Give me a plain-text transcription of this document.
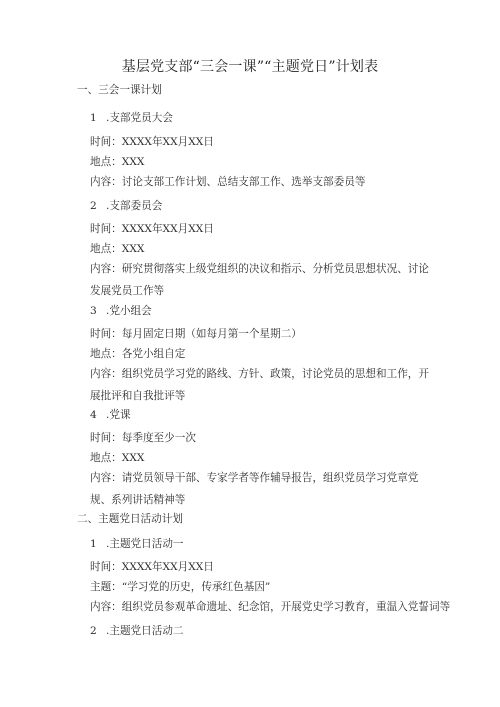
基层党支部“三会一课”“主题党日”计划表
一、三会一课计划
1 .支部党员大会
时间：XXXX年XX月XX日
地点：XXX
内容：讨论支部工作计划、总结支部工作、选举支部委员等
2 .支部委员会
时间：XXXX年XX月XX日
地点：XXX
内容：研究贯彻落实上级党组织的决议和指示、分析党员思想状况、讨论发展党员工作等
3 .党小组会
时间：每月固定日期（如每月第一个星期二）
地点：各党小组自定
内容：组织党员学习党的路线、方针、政策，讨论党员的思想和工作，开展批评和自我批评等
4 .党课
时间：每季度至少一次
地点：XXX
内容：请党员领导干部、专家学者等作辅导报告，组织党员学习党章党规、系列讲话精神等
二、主题党日活动计划
1 .主题党日活动一
时间：XXXX年XX月XX日
主题：“学习党的历史，传承红色基因”
内容：组织党员参观革命遗址、纪念馆，开展党史学习教育，重温入党誓词等
2 .主题党日活动二
